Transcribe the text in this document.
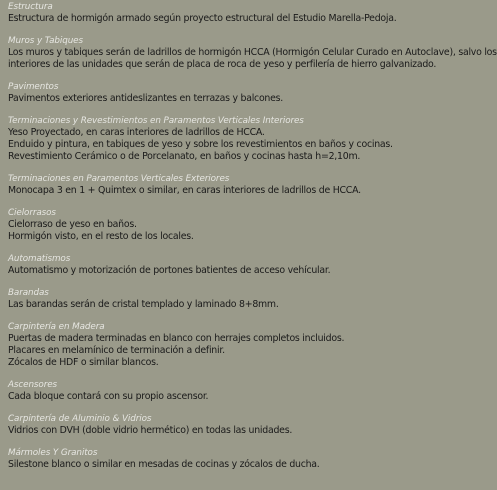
Estructura
Estructura de hormigón armado según proyecto estructural del Estudio Marella-Pedoja.
Muros y Tabiques
Los muros y tabiques serán de ladrillos de hormigón HCCA (Hormigón Celular Curado en Autoclave), salvo los
interiores de las unidades que serán de placa de roca de yeso y perfilería de hierro galvanizado.
Pavimentos
Pavimentos exteriores antideslizantes en terrazas y balcones.
Terminaciones y Revestimientos en Paramentos Verticales Interiores
Yeso Proyectado, en caras interiores de ladrillos de HCCA.
Enduido y pintura, en tabiques de yeso y sobre los revestimientos en baños y cocinas.
Revestimiento Cerámico o de Porcelanato, en baños y cocinas hasta h=2,10m.
Terminaciones en Paramentos Verticales Exteriores
Monocapa 3 en 1 + Quimtex o similar, en caras interiores de ladrillos de HCCA.
Cielorrasos
Cielorraso de yeso en baños.
Hormigón visto, en el resto de los locales.
Automatismos
Automatismo y motorización de portones batientes de acceso vehícular.
Barandas
Las barandas serán de cristal templado y laminado 8+8mm.
Carpintería en Madera
Puertas de madera terminadas en blanco con herrajes completos incluidos.
Placares en melamínico de terminación a definir.
Zócalos de HDF o similar blancos.
Ascensores
Cada bloque contará con su propio ascensor.
Carpintería de Aluminio & Vidrios
Vidrios con DVH (doble vidrio hermético) en todas las unidades.
Mármoles Y Granitos
Silestone blanco o similar en mesadas de cocinas y zócalos de ducha.
